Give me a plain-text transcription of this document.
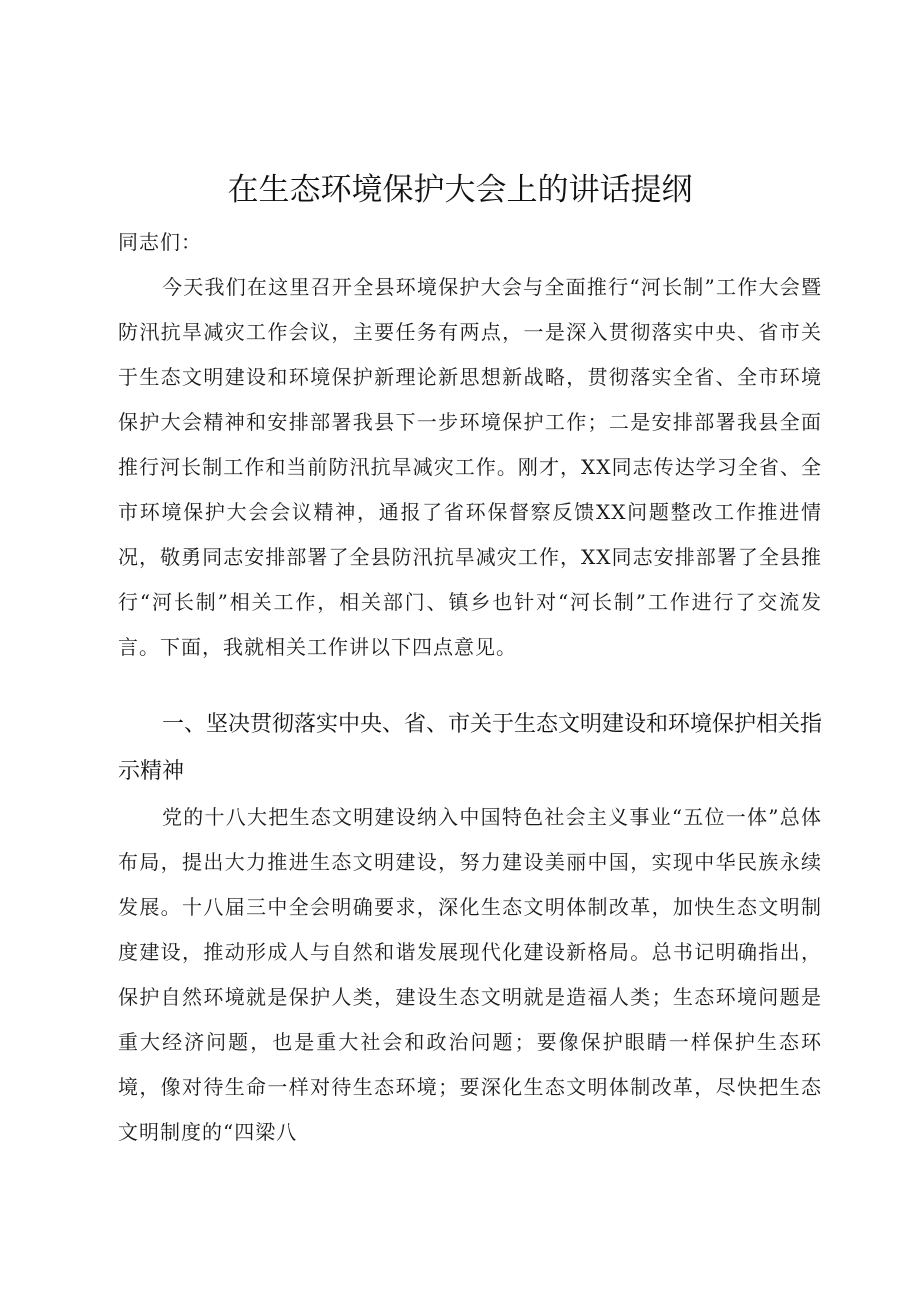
在生态环境保护大会上的讲话提纲

同志们：

今天我们在这里召开全县环境保护大会与全面推行“河长制”工作大会暨防汛抗旱减灾工作会议，主要任务有两点，一是深入贯彻落实中央、省市关于生态文明建设和环境保护新理论新思想新战略，贯彻落实全省、全市环境保护大会精神和安排部署我县下一步环境保护工作；二是安排部署我县全面推行河长制工作和当前防汛抗旱减灾工作。刚才，XX同志传达学习全省、全市环境保护大会会议精神，通报了省环保督察反馈XX问题整改工作推进情况，敬勇同志安排部署了全县防汛抗旱减灾工作，XX同志安排部署了全县推行“河长制”相关工作，相关部门、镇乡也针对“河长制”工作进行了交流发言。下面，我就相关工作讲以下四点意见。

一、坚决贯彻落实中央、省、市关于生态文明建设和环境保护相关指示精神

党的十八大把生态文明建设纳入中国特色社会主义事业“五位一体”总体布局，提出大力推进生态文明建设，努力建设美丽中国，实现中华民族永续发展。十八届三中全会明确要求，深化生态文明体制改革，加快生态文明制度建设，推动形成人与自然和谐发展现代化建设新格局。总书记明确指出，保护自然环境就是保护人类，建设生态文明就是造福人类；生态环境问题是重大经济问题，也是重大社会和政治问题；要像保护眼睛一样保护生态环境，像对待生命一样对待生态环境；要深化生态文明体制改革，尽快把生态文明制度的“四梁八
